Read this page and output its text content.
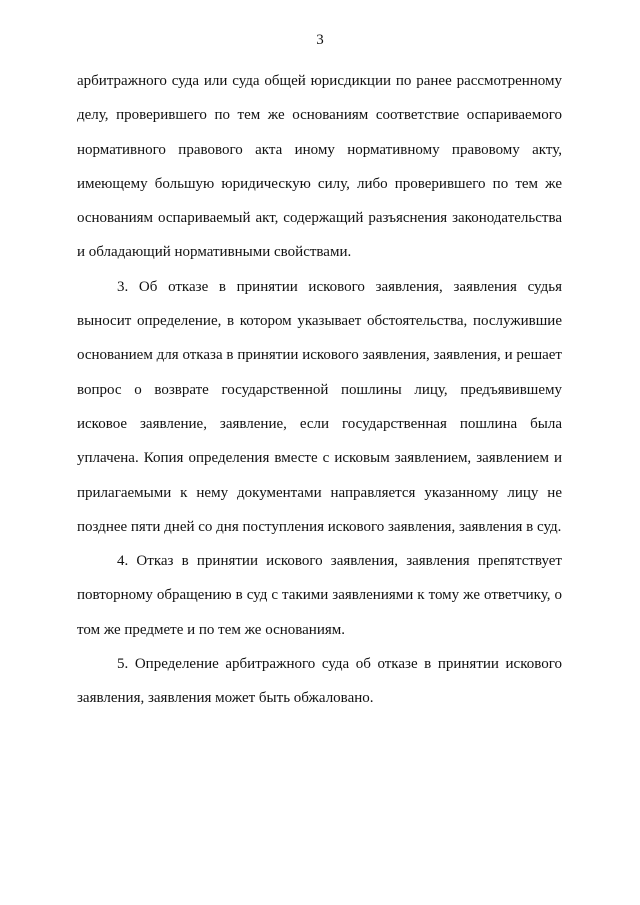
3
арбитражного суда или суда общей юрисдикции по ранее рассмотренному
делу, проверившего по тем же основаниям соответствие оспариваемого
нормативного правового акта иному нормативному правовому акту,
имеющему большую юридическую силу, либо проверившего по тем же
основаниям оспариваемый акт, содержащий разъяснения законодательства
и обладающий нормативными свойствами.
3. Об отказе в принятии искового заявления, заявления судья
выносит определение, в котором указывает обстоятельства, послужившие
основанием для отказа в принятии искового заявления, заявления, и решает
вопрос о возврате государственной пошлины лицу, предъявившему
исковое заявление, заявление, если государственная пошлина была
уплачена. Копия определения вместе с исковым заявлением, заявлением и
прилагаемыми к нему документами направляется указанному лицу не
позднее пяти дней со дня поступления искового заявления, заявления в суд.
4. Отказ в принятии искового заявления, заявления препятствует
повторному обращению в суд с такими заявлениями к тому же ответчику, о
том же предмете и по тем же основаниям.
5. Определение арбитражного суда об отказе в принятии искового
заявления, заявления может быть обжаловано.
